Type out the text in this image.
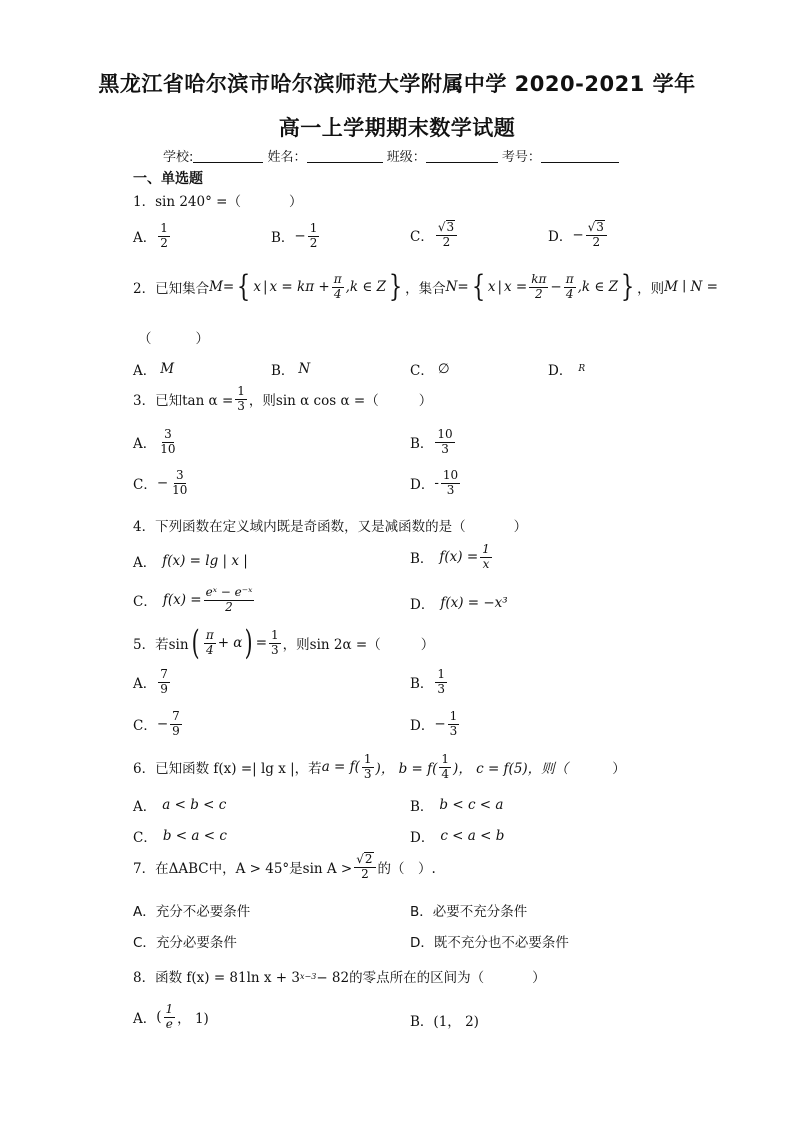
黑龙江省哈尔滨市哈尔滨师范大学附属中学 2020-2021 学年
高一上学期期末数学试题
学校:	姓名：	班级：	考号：
一、单选题
1． sin 240° =（	）
A． $\frac{1}{2}$	B． − $\frac{1}{2}$	C． $\frac{√ 3}{2}$	D． − $\frac{√ 3}{2}$
2． 已知集合 M = { x | $x = k\pi + \frac{\pi}{4} ,k$ ∈ Z } ，集合 N = { x | $x = \frac{k\pi}{2} - \frac{\pi}{4} ,k$ ∈ Z } ，则 M ∣ N =
（	）
A． M	B． N	C． ∅	D． R
3． 已知$\tan \alpha = \frac{1}{3}$ ，则sin α cos α =（	）
A． $\frac{3}{10}$	B． $\frac{10}{3}$
C． − $\frac{3}{10}$	D． - $\frac{10}{3}$
4． 下列函数在定义域内既是奇函数，又是减函数的是（	）
A． f(x) = lg | x |	B． $f(x) = \frac{1}{x}$
C． $f(x) = \frac{\text{eˣ − e⁻ˣ}}{2}$	D． f(x) = −x³
5． 若sin ( $\frac{\pi}{4} + \alpha$ ) = $\frac{1}{3}$ ，则sin 2α =（	）
A． $\frac{7}{9}$	B． $\frac{1}{3}$
C． − $\frac{7}{9}$	D． − $\frac{1}{3}$
6． 已知函数 f(x) =| lg x |，若 $a = f( \frac{1}{3}$ )， $b = f( \frac{1}{4}$ )， c = f(5)，则（	）
A． a < b < c	B． b < c < a
C． b < a < c	D． c < a < b
7． 在ΔABC中，A > 45°是$\sin A > \frac{√ 2}{2}$ 的（　）.
A． 充分不必要条件	B． 必要不充分条件
C． 充分必要条件	D． 既不充分也不必要条件
8． 函数 f(x) = 81ln x + 3 x−3 − 82的零点所在的区间为（	）
A． ( $\frac{1}{e}$ ， 1)	B． (1， 2)
